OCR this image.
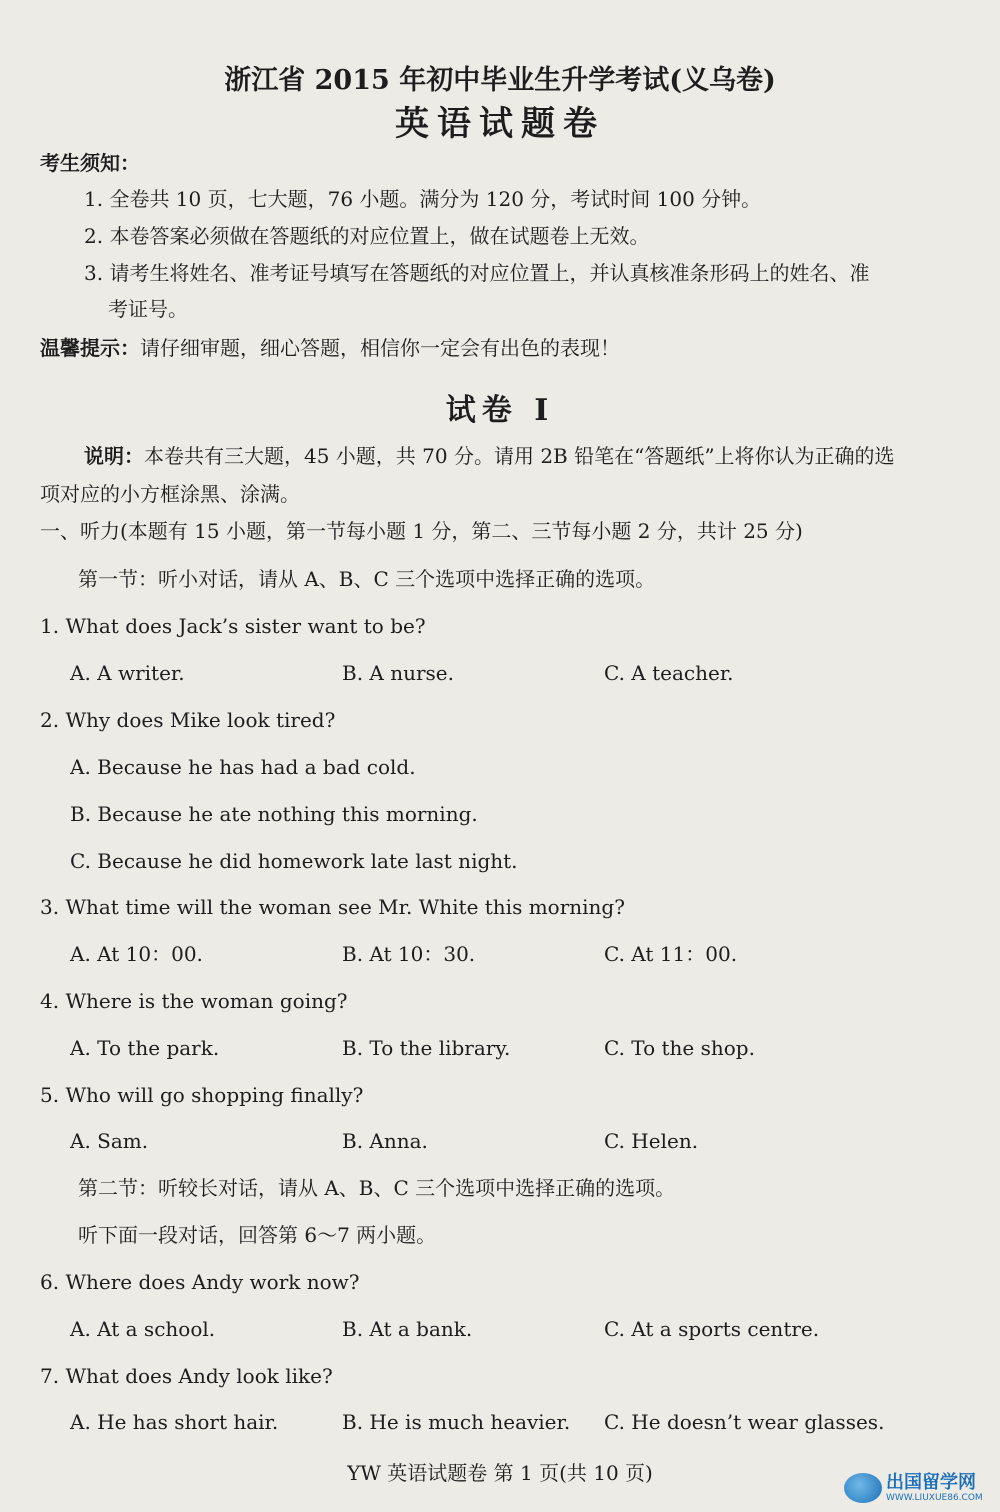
浙江省 2015 年初中毕业生升学考试(义乌卷)
英语试题卷
考生须知：
1. 全卷共 10 页，七大题，76 小题。满分为 120 分，考试时间 100 分钟。
2. 本卷答案必须做在答题纸的对应位置上，做在试题卷上无效。
3. 请考生将姓名、准考证号填写在答题纸的对应位置上，并认真核准条形码上的姓名、准
考证号。
温馨提示：请仔细审题，细心答题，相信你一定会有出色的表现！
试卷 I
说明：本卷共有三大题，45 小题，共 70 分。请用 2B 铅笔在“答题纸”上将你认为正确的选
项对应的小方框涂黑、涂满。
一、听力(本题有 15 小题，第一节每小题 1 分，第二、三节每小题 2 分，共计 25 分)
第一节：听小对话，请从 A、B、C 三个选项中选择正确的选项。
1. What does Jack’s sister want to be?
A. A writer.	B. A nurse.	C. A teacher.
2. Why does Mike look tired?
A. Because he has had a bad cold.
B. Because he ate nothing this morning.
C. Because he did homework late last night.
3. What time will the woman see Mr. White this morning?
A. At 10：00.	B. At 10：30.	C. At 11：00.
4. Where is the woman going?
A. To the park.	B. To the library.	C. To the shop.
5. Who will go shopping finally?
A. Sam.	B. Anna.	C. Helen.
第二节：听较长对话，请从 A、B、C 三个选项中选择正确的选项。
听下面一段对话，回答第 6～7 两小题。
6. Where does Andy work now?
A. At a school.	B. At a bank.	C. At a sports centre.
7. What does Andy look like?
A. He has short hair.	B. He is much heavier. C. He doesn’t wear glasses.
YW 英语试题卷 第 1 页(共 10 页)	出国留学网
WWW.LIUXUE86.COM
